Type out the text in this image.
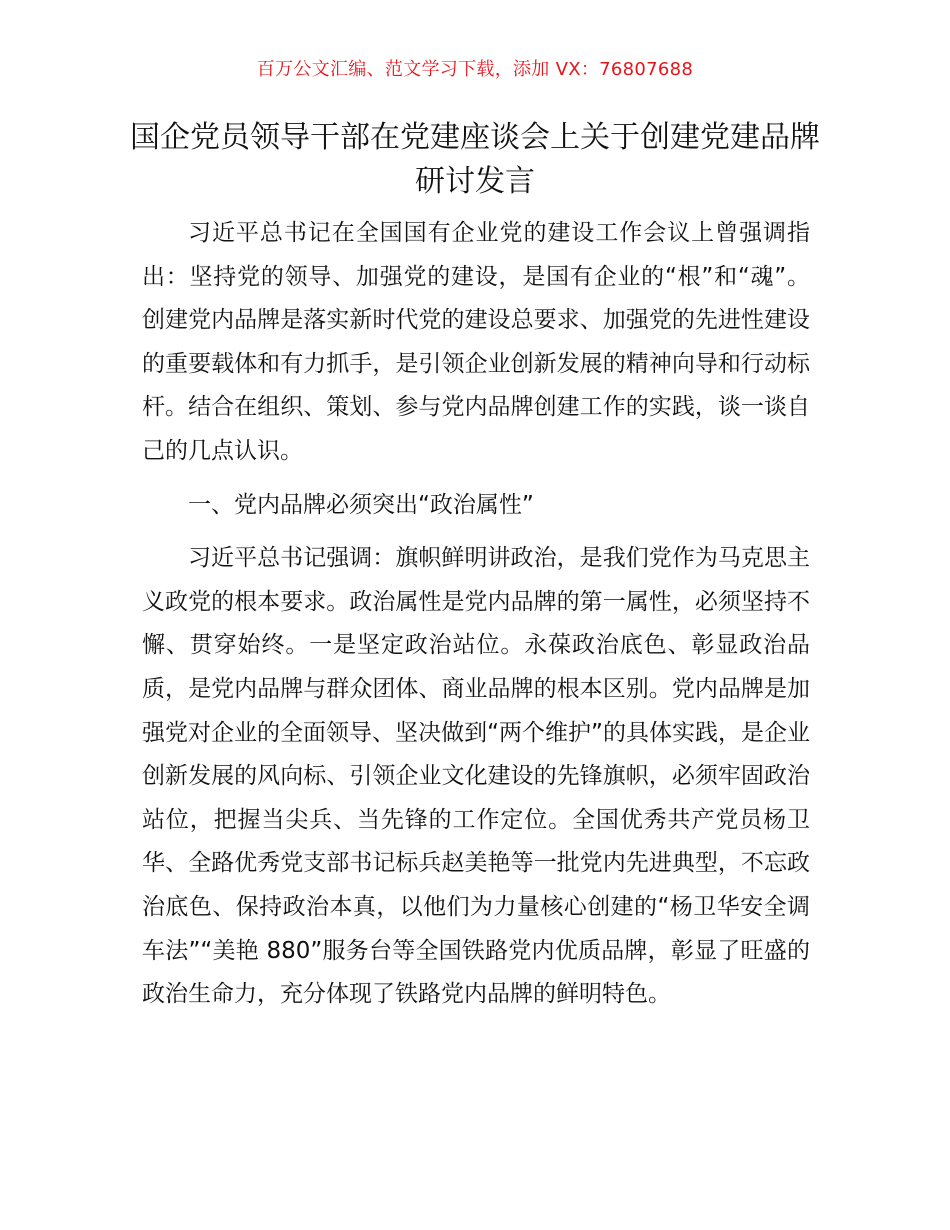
百万公文汇编、范文学习下载，添加 VX：76807688
国企党员领导干部在党建座谈会上关于创建党建品牌研讨发言

习近平总书记在全国国有企业党的建设工作会议上曾强调指出：坚持党的领导、加强党的建设，是国有企业的“根”和“魂”。创建党内品牌是落实新时代党的建设总要求、加强党的先进性建设的重要载体和有力抓手，是引领企业创新发展的精神向导和行动标杆。结合在组织、策划、参与党内品牌创建工作的实践，谈一谈自己的几点认识。

一、党内品牌必须突出“政治属性”

习近平总书记强调：旗帜鲜明讲政治，是我们党作为马克思主义政党的根本要求。政治属性是党内品牌的第一属性，必须坚持不懈、贯穿始终。一是坚定政治站位。永葆政治底色、彰显政治品质，是党内品牌与群众团体、商业品牌的根本区别。党内品牌是加强党对企业的全面领导、坚决做到“两个维护”的具体实践，是企业创新发展的风向标、引领企业文化建设的先锋旗帜，必须牢固政治站位，把握当尖兵、当先锋的工作定位。全国优秀共产党员杨卫华、全路优秀党支部书记标兵赵美艳等一批党内先进典型，不忘政治底色、保持政治本真，以他们为力量核心创建的“杨卫华安全调车法”“美艳 880”服务台等全国铁路党内优质品牌，彰显了旺盛的政治生命力，充分体现了铁路党内品牌的鲜明特色。
